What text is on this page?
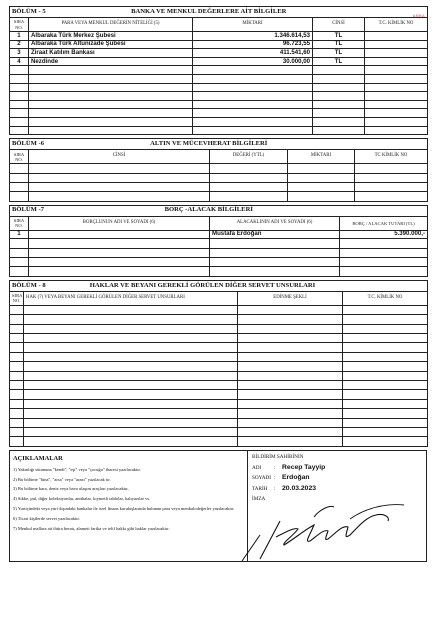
BÖLÜM - 5	BANKA VE MENKUL DEĞERLERE AİT BİLGİLER			
SIRA NO.	PARA VEYA MENKUL DEĞERİN NİTELİĞİ (5)	MİKTARI	CİNSİ	T.C. KİMLİK NO
1	Albaraka Türk Merkez Şubesi	1.346.614,53	TL	
2	Albaraka Türk Altunizade Şubesi	96.723,55	TL	
3	Ziraat Katılım Bankası	411.541,60	TL	
4	Nezdinde	30.000,00	TL	

BÖLÜM -6	ALTIN VE MÜCEVHERAT BİLGİLERİ			
SIRA NO.	CİNSİ	DEĞERİ (YTL)	MİKTARI	TC KİMLİK NO

BÖLÜM -7	BORÇ -ALACAK BİLGİLERİ		
SIRA NO.	BORÇLUNUN ADI VE SOYADI (6)	ALACAKLININ ADI VE SOYADI (6)	BORÇ / ALACAK TUTARI (TL)
1		Mustafa Erdoğan	5.390.000,-

BÖLÜM - 8 HAKLAR VE BEYANI GEREKLİ GÖRÜLEN DİĞER SERVET UNSURLARI			
SIRA NO.	HAK (7) VEYA BEYANI GEREKLİ GÖRÜLEN DİĞER SERVET UNSURLARI	EDİNME ŞEKLİ	T.C. KİMLİK NO

AÇIKLAMALAR
1) Yakınlığı sütununa "kendi", "eşi" veya "çocuğu" ibaresi yazılacaktır.
2) Bu bölüme "bina", "arsa" veya "arazi" yazılacak tır.
3) Bu bölüme kara, deniz veya hava ulaşım araçları yazılacaktır,
4) Sikke, pul, diğer koleksiyonlar, antikalar, kıymetli tablolar, halıyazılar vs.
5) Yurtiçindeki veya yurt dışındaki bankalar ile özel finans kuruluşlarında bulunan para veya menkulodeğerler yazılacaktır.
6) Ticari kişilerde servet yazılacaktır.
7) Menkul mallara ait ihtira beratı, alameti farika ve telif hakkı gibi haklar yazılacaktır.
BİLDİRİM SAHİBİNİN
ADI	: Recep Tayyip
SOYADI : Erdoğan
TARİH	: 20.03.2023
İMZA
ANKA
